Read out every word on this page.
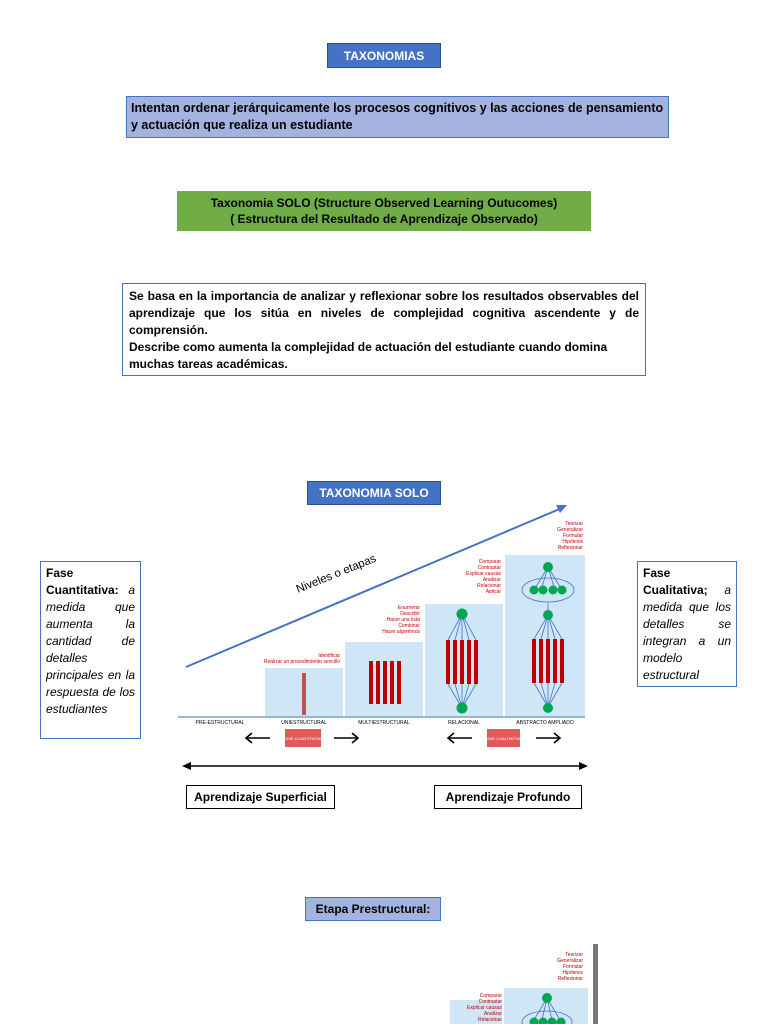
TAXONOMIAS
Intentan ordenar jerárquicamente los procesos cognitivos y las acciones de pensamiento y actuación que realiza un estudiante
Taxonomia SOLO (Structure Observed Learning Outucomes)
( Estructura del Resultado de Aprendizaje Observado)
Se basa en la importancia de analizar y reflexionar sobre los resultados observables del aprendizaje que los sitúa en niveles de complejidad cognitiva ascendente y de comprensión.
Describe como aumenta la complejidad de actuación del estudiante cuando domina muchas tareas académicas.
TAXONOMIA SOLO
Fase Cuantitativa: a medida que aumenta la cantidad de detalles principales en la respuesta de los estudiantes
Fase Cualitativa; a medida que los detalles se integran a un modelo estructural
Niveles o etapas
Identificar
Realizar un procedimiento sencillo
Enumerar
Describir
Hacer una lista
Combinar
Hacer algoritmos
Comparar
Contrastar
Explicar causas
Analizar
Relacionar
Aplicar
Teorizar
Generalizar
Formular
Hipótesis
Reflexionar
PRE-ESTRUCTURAL	UNIESTRUCTURAL	MULTIESTRUCTURAL	RELACIONAL	ABSTRACTO AMPLIADO
FASE CUANTITATIVA	FASE CUALITATIVA
Aprendizaje Superficial	Aprendizaje Profundo
Etapa Prestructural:
Teorizar
Generalizar
Formular
Hipótesis
Reflexionar
Comparar
Contrastar
Explicar causas
Analizar
Relacionar
